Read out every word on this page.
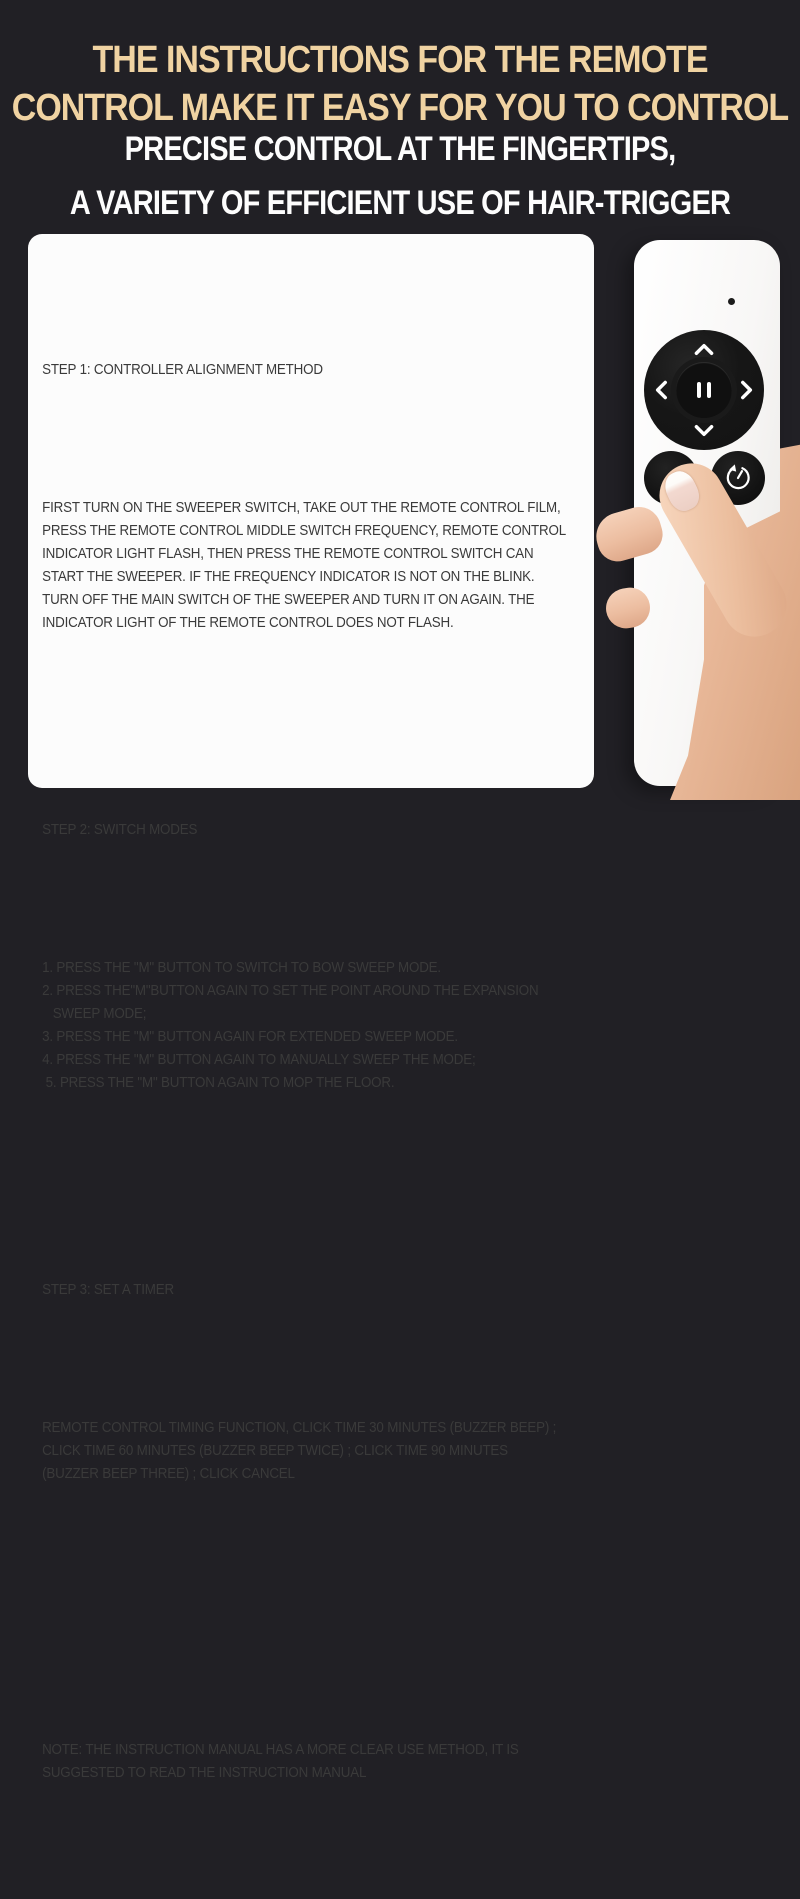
THE INSTRUCTIONS FOR THE REMOTE
CONTROL MAKE IT EASY FOR YOU TO CONTROL
PRECISE CONTROL AT THE FINGERTIPS,
A VARIETY OF EFFICIENT USE OF HAIR-TRIGGER

STEP 1: CONTROLLER ALIGNMENT METHOD

FIRST TURN ON THE SWEEPER SWITCH, TAKE OUT THE REMOTE CONTROL FILM,
PRESS THE REMOTE CONTROL MIDDLE SWITCH FREQUENCY, REMOTE CONTROL
INDICATOR LIGHT FLASH, THEN PRESS THE REMOTE CONTROL SWITCH CAN
START THE SWEEPER. IF THE FREQUENCY INDICATOR IS NOT ON THE BLINK.
TURN OFF THE MAIN SWITCH OF THE SWEEPER AND TURN IT ON AGAIN. THE
INDICATOR LIGHT OF THE REMOTE CONTROL DOES NOT FLASH.

STEP 2: SWITCH MODES

1. PRESS THE "M" BUTTON TO SWITCH TO BOW SWEEP MODE.
2. PRESS THE"M"BUTTON AGAIN TO SET THE POINT AROUND THE EXPANSION
SWEEP MODE;
3. PRESS THE "M" BUTTON AGAIN FOR EXTENDED SWEEP MODE.
4. PRESS THE "M" BUTTON AGAIN TO MANUALLY SWEEP THE MODE;
5. PRESS THE "M" BUTTON AGAIN TO MOP THE FLOOR.

STEP 3: SET A TIMER

REMOTE CONTROL TIMING FUNCTION, CLICK TIME 30 MINUTES (BUZZER BEEP) ;
CLICK TIME 60 MINUTES (BUZZER BEEP TWICE) ; CLICK TIME 90 MINUTES
(BUZZER BEEP THREE) ; CLICK CANCEL

NOTE: THE INSTRUCTION MANUAL HAS A MORE CLEAR USE METHOD, IT IS
SUGGESTED TO READ THE INSTRUCTION MANUAL
